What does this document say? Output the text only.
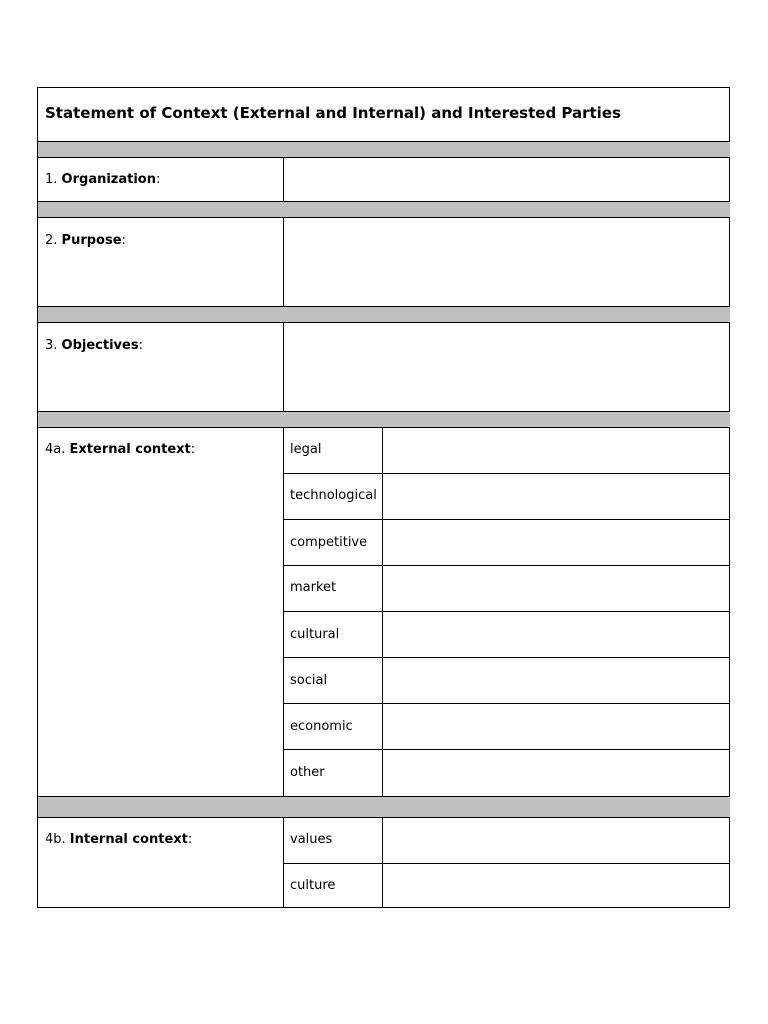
Statement of Context (External and Internal) and Interested Parties
1. Organization:
2. Purpose:
3. Objectives:
4a. External context:
4b. Internal context:
legal
technological
competitive
market
cultural
social
economic
other
values
culture
